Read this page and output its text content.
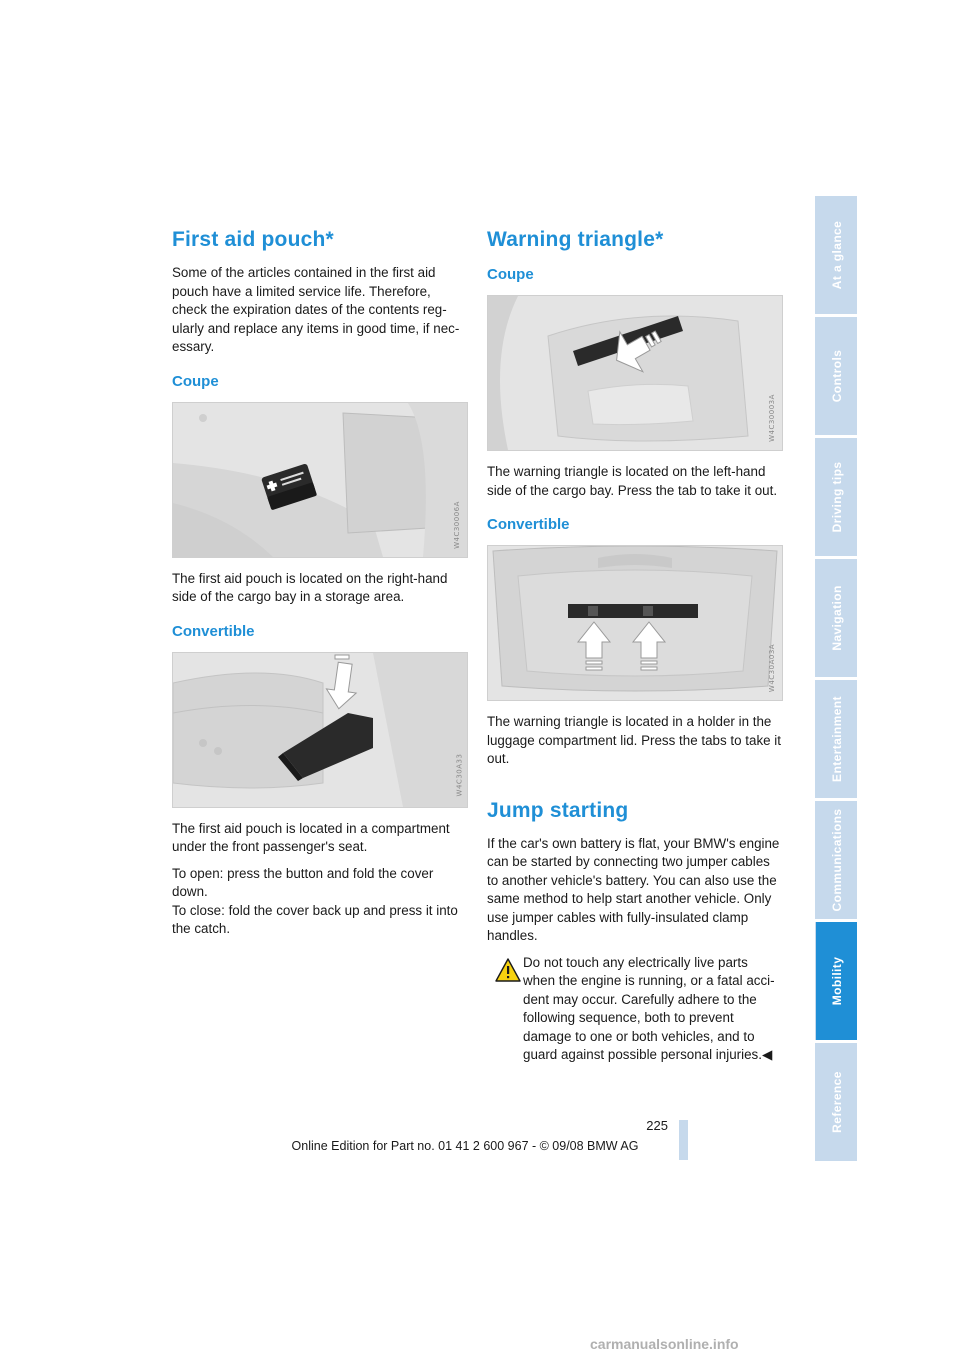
First aid pouch*

Some of the articles contained in the first aid pouch have a limited service life. Therefore, check the expiration dates of the contents regularly and replace any items in good time, if necessary.

Coupe
W4C30006A

The first aid pouch is located on the right-hand side of the cargo bay in a storage area.

Convertible
W4C30A33

The first aid pouch is located in a compartment under the front passenger's seat.

To open: press the button and fold the cover down.

To close: fold the cover back up and press it into the catch.

Warning triangle*
Coupe
W4C30003A

The warning triangle is located on the left-hand side of the cargo bay. Press the tab to take it out.

Convertible
W4C30A03A

The warning triangle is located in a holder in the luggage compartment lid. Press the tabs to take it out.

Jump starting

If the car's own battery is flat, your BMW's engine can be started by connecting two jumper cables to another vehicle's battery. You can also use the same method to help start another vehicle. Only use jumper cables with fully-insulated clamp handles.

Do not touch any electrically live parts when the engine is running, or a fatal accident may occur. Carefully adhere to the following sequence, both to prevent damage to one or both vehicles, and to guard against possible personal injuries.◀

At a glance
Controls
Driving tips
Navigation
Entertainment
Communications
Mobility
Reference
225
Online Edition for Part no. 01 41 2 600 967 - © 09/08 BMW AG
carmanualsonline.info
